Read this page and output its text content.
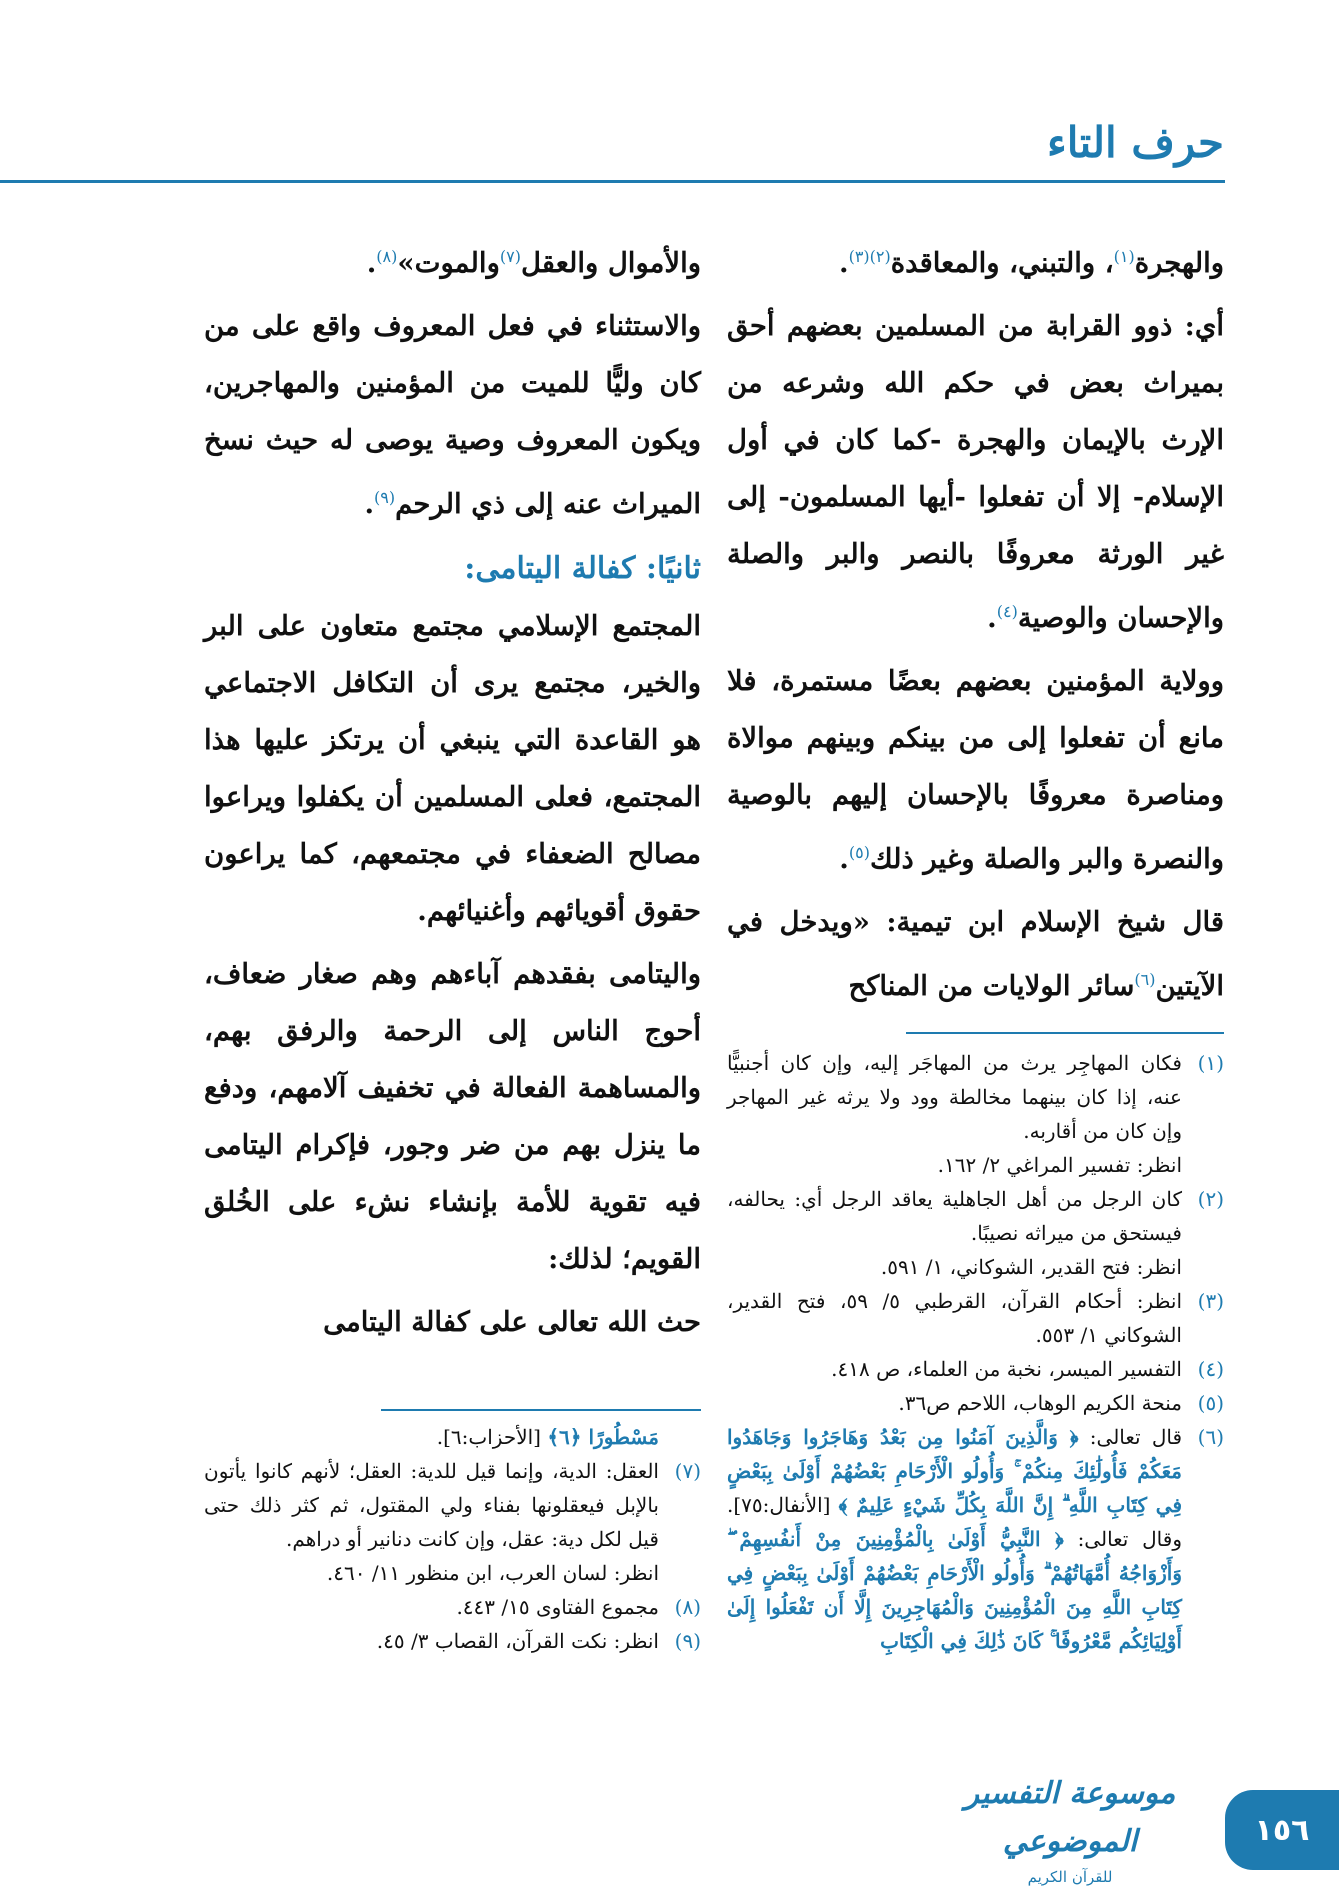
حرف التاء

والهجرة$^{(١)}$، والتبني، والمعاقدة$^{(٢)(٣)}$.

أي: ذوو القرابة من المسلمين بعضهم أحق بميراث بعض في حكم الله وشرعه من الإرث بالإيمان والهجرة -كما كان في أول الإسلام- إلا أن تفعلوا -أيها المسلمون- إلى غير الورثة معروفًا بالنصر والبر والصلة والإحسان والوصية$^{(٤)}$.

وولاية المؤمنين بعضهم بعضًا مستمرة، فلا مانع أن تفعلوا إلى من بينكم وبينهم موالاة ومناصرة معروفًا بالإحسان إليهم بالوصية والنصرة والبر والصلة وغير ذلك$^{(٥)}$.

قال شيخ الإسلام ابن تيمية: «ويدخل في الآيتين$^{(٦)}$سائر الولايات من المناكح

(١)
فكان المهاجِر يرث من المهاجَر إليه، وإن كان أجنبيًّا عنه، إذا كان بينهما مخالطة وود ولا يرثه غير المهاجر وإن كان من أقاربه.
انظر: تفسير المراغي ٢/ ١٦٢.
(٢)
كان الرجل من أهل الجاهلية يعاقد الرجل أي: يحالفه، فيستحق من ميراثه نصيبًا.
انظر: فتح القدير، الشوكاني، ١/ ٥٩١.
(٣)
انظر: أحكام القرآن، القرطبي ٥/ ٥٩، فتح القدير، الشوكاني ١/ ٥٥٣.
(٤)
التفسير الميسر، نخبة من العلماء، ص ٤١٨.
(٥)
منحة الكريم الوهاب، اللاحم ص٣٦.
(٦)
قال تعالى: ﴿ وَالَّذِينَ آمَنُوا مِن بَعْدُ وَهَاجَرُوا وَجَاهَدُوا مَعَكُمْ فَأُولَٰئِكَ مِنكُمْ ۚ وَأُولُو الْأَرْحَامِ بَعْضُهُمْ أَوْلَىٰ بِبَعْضٍ فِي كِتَابِ اللَّهِ ۗ إِنَّ اللَّهَ بِكُلِّ شَيْءٍ عَلِيمٌ ﴾ [الأنفال:٧٥]. وقال تعالى: ﴿ النَّبِيُّ أَوْلَىٰ بِالْمُؤْمِنِينَ مِنْ أَنفُسِهِمْ ۖ وَأَزْوَاجُهُ أُمَّهَاتُهُمْ ۗ وَأُولُو الْأَرْحَامِ بَعْضُهُمْ أَوْلَىٰ بِبَعْضٍ فِي كِتَابِ اللَّهِ مِنَ الْمُؤْمِنِينَ وَالْمُهَاجِرِينَ إِلَّا أَن تَفْعَلُوا إِلَىٰ أَوْلِيَائِكُم مَّعْرُوفًا ۚ كَانَ ذَٰلِكَ فِي الْكِتَابِ

والأموال والعقل$^{(٧)}$والموت»$^{(٨)}$.

والاستثناء في فعل المعروف واقع على من كان وليًّا للميت من المؤمنين والمهاجرين، ويكون المعروف وصية يوصى له حيث نسخ الميراث عنه إلى ذي الرحم$^{(٩)}$.

ثانيًا: كفالة اليتامى:

المجتمع الإسلامي مجتمع متعاون على البر والخير، مجتمع يرى أن التكافل الاجتماعي هو القاعدة التي ينبغي أن يرتكز عليها هذا المجتمع، فعلى المسلمين أن يكفلوا ويراعوا مصالح الضعفاء في مجتمعهم، كما يراعون حقوق أقويائهم وأغنيائهم.

واليتامى بفقدهم آباءهم وهم صغار ضعاف، أحوج الناس إلى الرحمة والرفق بهم، والمساهمة الفعالة في تخفيف آلامهم، ودفع ما ينزل بهم من ضر وجور، فإكرام اليتامى فيه تقوية للأمة بإنشاء نشء على الخُلق القويم؛ لذلك:

حث الله تعالى على كفالة اليتامى

مَسْطُورًا ﴿٦﴾ [الأحزاب:٦].
(٧)
العقل: الدية، وإنما قيل للدية: العقل؛ لأنهم كانوا يأتون بالإبل فيعقلونها بفناء ولي المقتول، ثم كثر ذلك حتى قيل لكل دية: عقل، وإن كانت دنانير أو دراهم.
انظر: لسان العرب، ابن منظور ١١/ ٤٦٠.
(٨)
مجموع الفتاوى ١٥/ ٤٤٣.
(٩)
انظر: نكت القرآن، القصاب ٣/ ٤٥.
موسوعة التفسير الموضوعي
للقرآن الكريم
١٥٦
